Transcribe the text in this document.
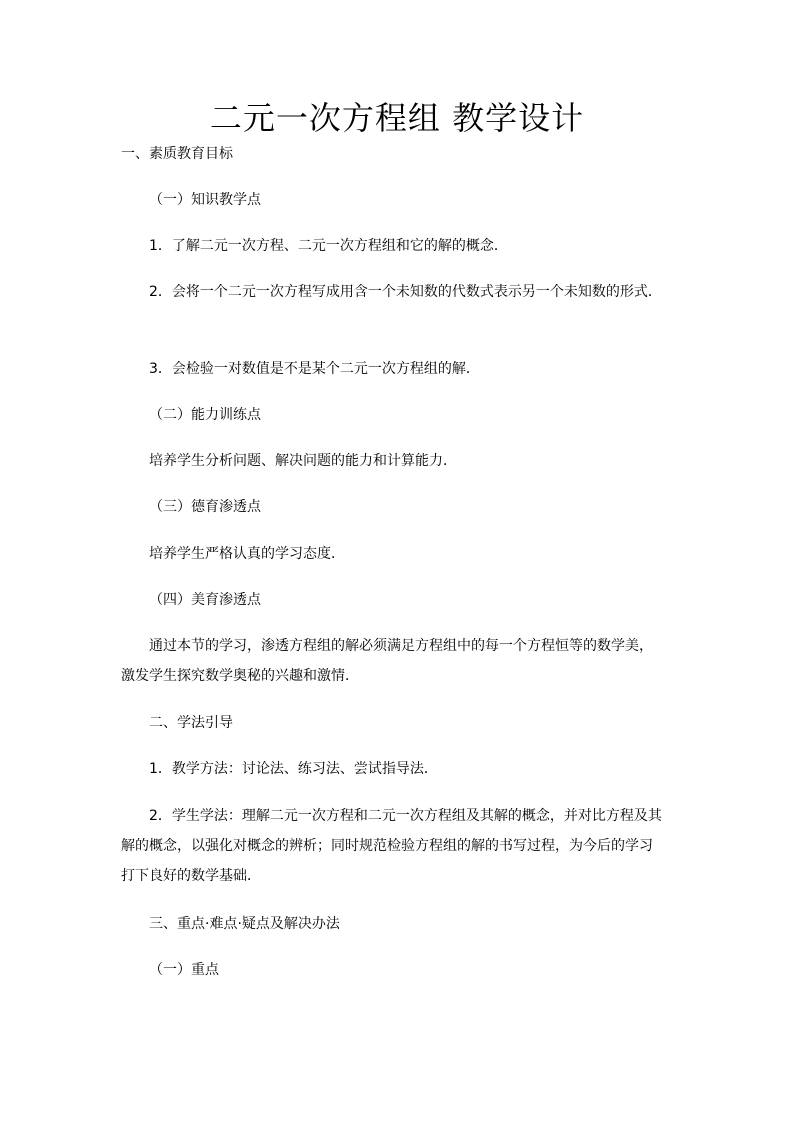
二元一次方程组 教学设计
一、素质教育目标
（一）知识教学点
1．了解二元一次方程、二元一次方程组和它的解的概念．
2．会将一个二元一次方程写成用含一个未知数的代数式表示另一个未知数的形式．
3．会检验一对数值是不是某个二元一次方程组的解．
（二）能力训练点
培养学生分析问题、解决问题的能力和计算能力．
（三）德育渗透点
培养学生严格认真的学习态度．
（四）美育渗透点
通过本节的学习，渗透方程组的解必须满足方程组中的每一个方程恒等的数学美，激发学生探究数学奥秘的兴趣和激情．
二、学法引导
1．教学方法：讨论法、练习法、尝试指导法．
2．学生学法：理解二元一次方程和二元一次方程组及其解的概念，并对比方程及其解的概念，以强化对概念的辨析；同时规范检验方程组的解的书写过程，为今后的学习打下良好的数学基础．
三、重点·难点·疑点及解决办法
（一）重点
